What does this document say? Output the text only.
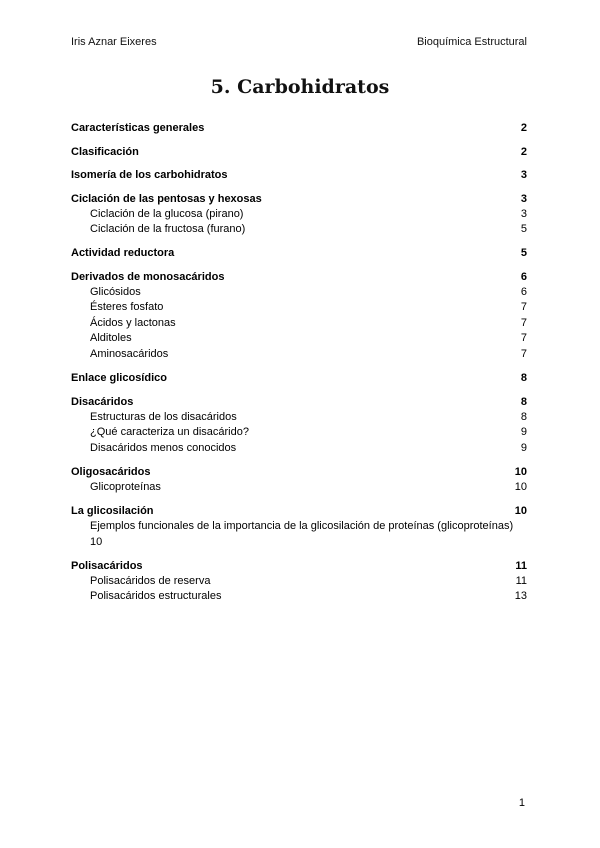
Iris Aznar Eixeres	Bioquímica Estructural
5. Carbohidratos
Características generales	2
Clasificación	2
Isomería de los carbohidratos	3
Ciclación de las pentosas y hexosas	3
Ciclación de la glucosa (pirano)	3
Ciclación de la fructosa (furano)	5
Actividad reductora	5
Derivados de monosacáridos	6
Glicósidos	6
Ésteres fosfato	7
Ácidos y lactonas	7
Alditoles	7
Aminosacáridos	7
Enlace glicosídico	8
Disacáridos	8
Estructuras de los disacáridos	8
¿Qué caracteriza un disacárido?	9
Disacáridos menos conocidos	9
Oligosacáridos	10
Glicoproteínas	10
La glicosilación	10
Ejemplos funcionales de la importancia de la glicosilación de proteínas (glicoproteínas)
10
Polisacáridos	11
Polisacáridos de reserva	11
Polisacáridos estructurales	13
1
